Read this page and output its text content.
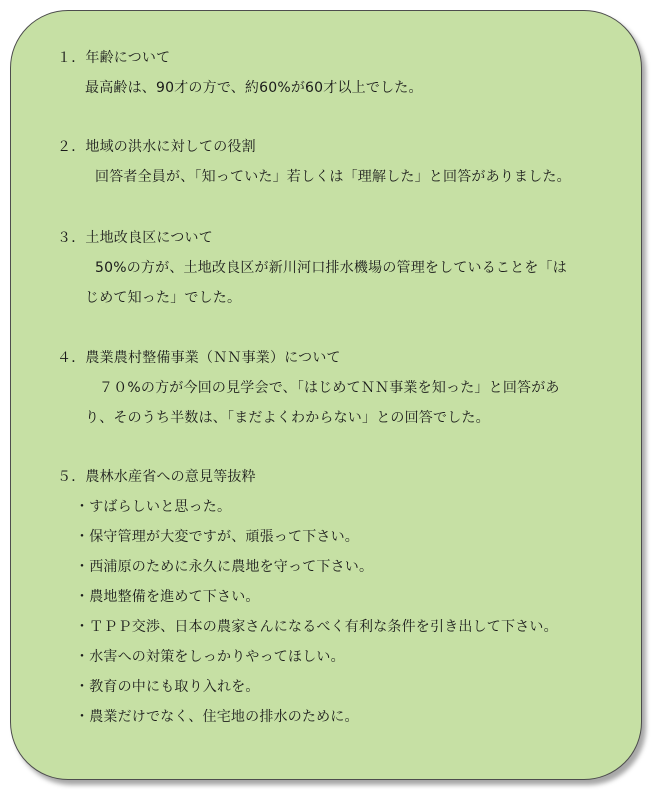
１．年齢について
最高齢は、90才の方で、約60%が60才以上でした。
２．地域の洪水に対しての役割
回答者全員が、「知っていた」若しくは「理解した」と回答がありました。
３．土地改良区について
50%の方が、土地改良区が新川河口排水機場の管理をしていることを「は
じめて知った」でした。
４．農業農村整備事業（ＮＮ事業）について
７０%の方が今回の見学会で、「はじめてＮＮ事業を知った」と回答があ
り、そのうち半数は、「まだよくわからない」との回答でした。
５．農林水産省への意見等抜粋
・すばらしいと思った。
・保守管理が大変ですが、頑張って下さい。
・西浦原のために永久に農地を守って下さい。
・農地整備を進めて下さい。
・ＴＰＰ交渉、日本の農家さんになるべく有利な条件を引き出して下さい。
・水害への対策をしっかりやってほしい。
・教育の中にも取り入れを。
・農業だけでなく、住宅地の排水のために。
